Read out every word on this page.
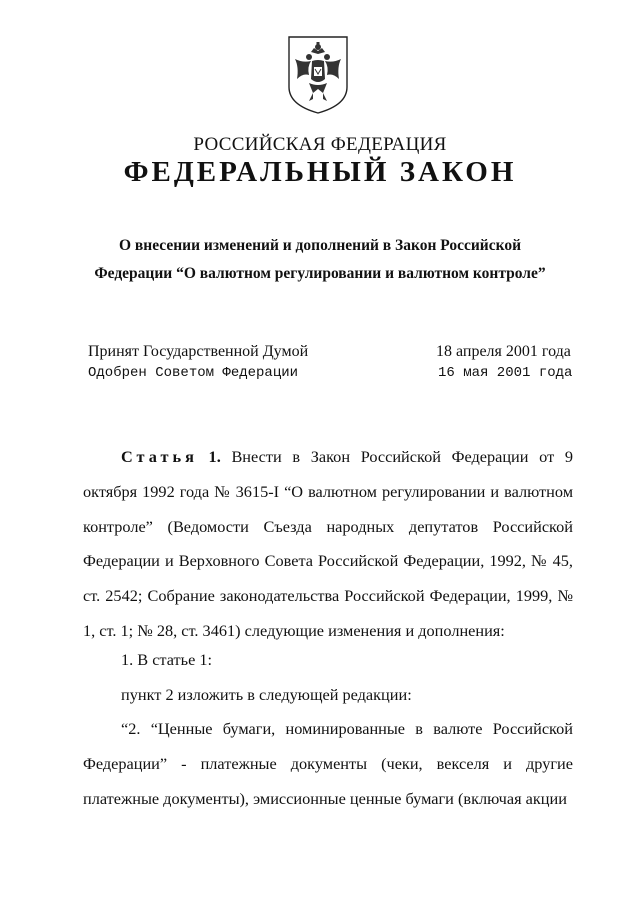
РОССИЙСКАЯ ФЕДЕРАЦИЯ
ФЕДЕРАЛЬНЫЙ ЗАКОН
О внесении изменений и дополнений в Закон Российской
Федерации “О валютном регулировании и валютном контроле”
Принят Государственной Думой	18 апреля 2001 года
Одобрен Советом Федерации	16 мая 2001 года

Статья 1. Внести в Закон Российской Федерации от 9 октября 1992 года № 3615-I “О валютном регулировании и валютном контроле” (Ведомости Съезда народных депутатов Российской Федерации и Верховного Совета Российской Федерации, 1992, № 45, ст. 2542; Собрание законодательства Российской Федерации, 1999, № 1, ст. 1; № 28, ст. 3461) следующие изменения и дополнения:

1. В статье 1:
пункт 2 изложить в следующей редакции:

“2. “Ценные бумаги, номинированные в валюте Российской Федерации” - платежные документы (чеки, векселя и другие платежные документы), эмиссионные ценные бумаги (включая акции
